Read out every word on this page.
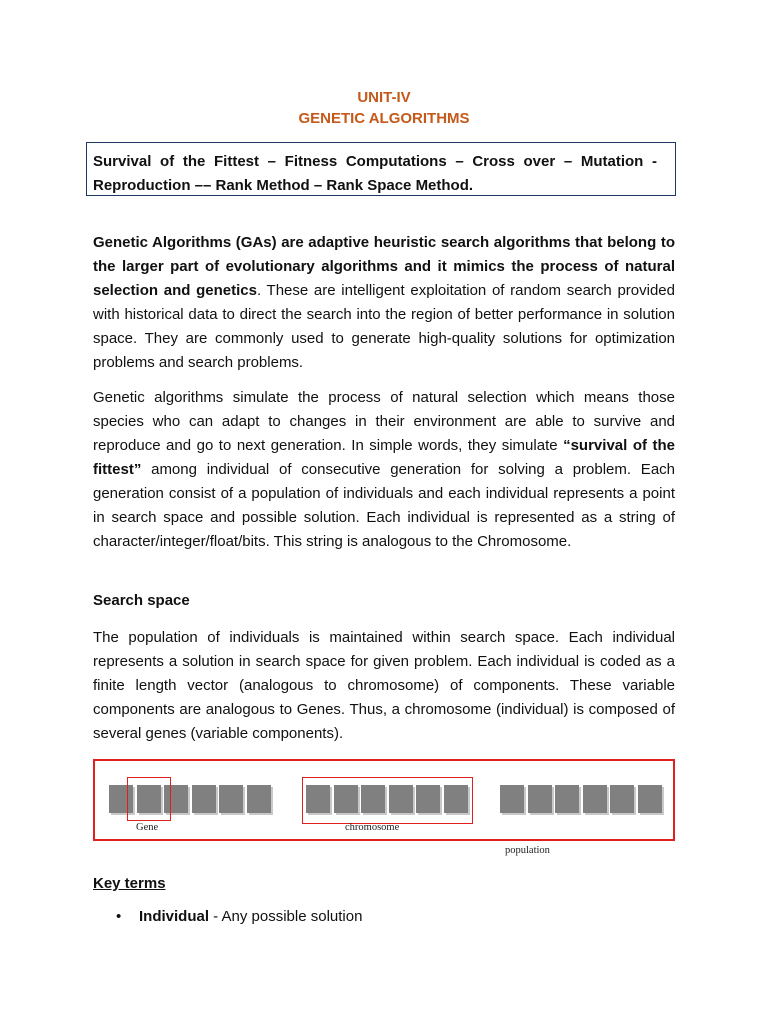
UNIT-IV
GENETIC ALGORITHMS
Survival of the Fittest – Fitness Computations – Cross over – Mutation - Reproduction –– Rank Method – Rank Space Method.

Genetic Algorithms (GAs) are adaptive heuristic search algorithms that belong to the larger part of evolutionary algorithms and it mimics the process of natural selection and genetics. These are intelligent exploitation of random search provided with historical data to direct the search into the region of better performance in solution space. They are commonly used to generate high-quality solutions for optimization problems and search problems.

Genetic algorithms simulate the process of natural selection which means those species who can adapt to changes in their environment are able to survive and reproduce and go to next generation. In simple words, they simulate “survival of the fittest” among individual of consecutive generation for solving a problem. Each generation consist of a population of individuals and each individual represents a point in search space and possible solution. Each individual is represented as a string of character/integer/float/bits. This string is analogous to the Chromosome.

Search space

The population of individuals is maintained within search space. Each individual represents a solution in search space for given problem. Each individual is coded as a finite length vector (analogous to chromosome) of components. These variable components are analogous to Genes. Thus, a chromosome (individual) is composed of several genes (variable components).

Gene	chromosome
population

Key terms

• Individual - Any possible solution
